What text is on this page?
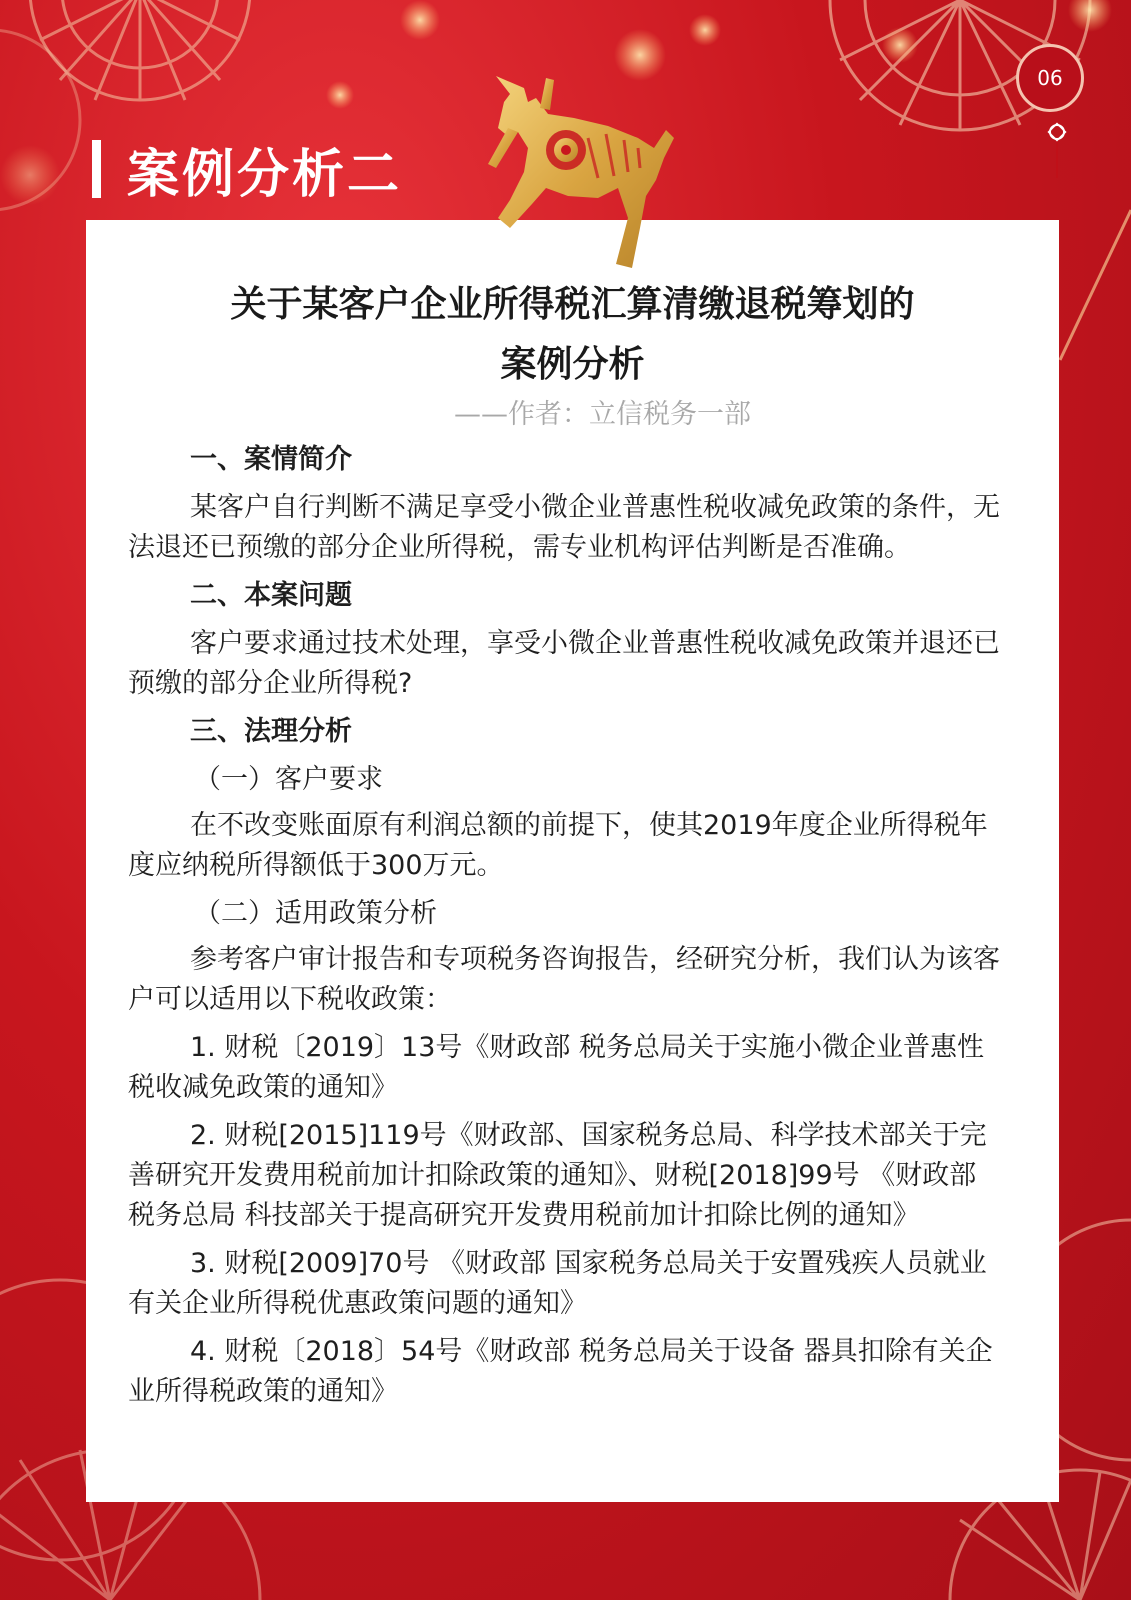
06
案例分析二
关于某客户企业所得税汇算清缴退税筹划的
案例分析
——作者：立信税务一部
一、案情简介
某客户自行判断不满足享受小微企业普惠性税收减免政策的条件，无法退还已预缴的部分企业所得税，需专业机构评估判断是否准确。
二、本案问题
客户要求通过技术处理，享受小微企业普惠性税收减免政策并退还已预缴的部分企业所得税?
三、法理分析
（一）客户要求
在不改变账面原有利润总额的前提下，使其2019年度企业所得税年度应纳税所得额低于300万元。
（二）适用政策分析
参考客户审计报告和专项税务咨询报告，经研究分析，我们认为该客户可以适用以下税收政策：
1. 财税〔2019〕13号《财政部 税务总局关于实施小微企业普惠性税收减免政策的通知》
2. 财税[2015]119号《财政部、国家税务总局、科学技术部关于完善研究开发费用税前加计扣除政策的通知》、财税[2018]99号 《财政部 税务总局 科技部关于提高研究开发费用税前加计扣除比例的通知》
3. 财税[2009]70号 《财政部 国家税务总局关于安置残疾人员就业有关企业所得税优惠政策问题的通知》
4. 财税〔2018〕54号《财政部 税务总局关于设备 器具扣除有关企业所得税政策的通知》
